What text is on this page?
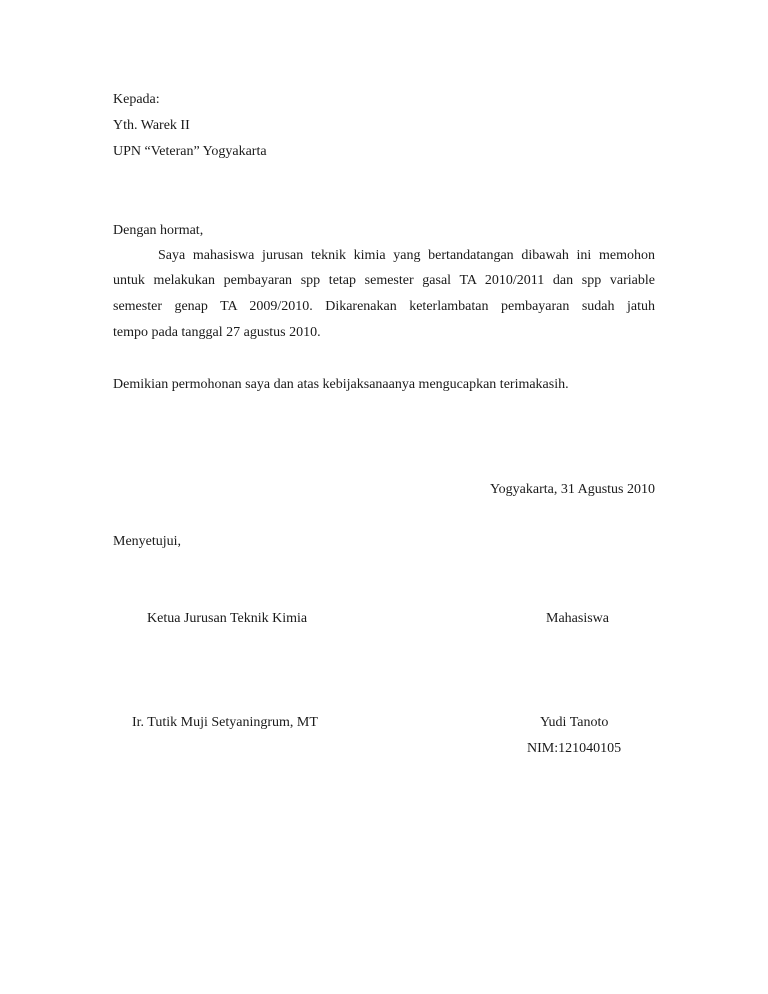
Kepada:
Yth. Warek II
UPN “Veteran” Yogyakarta
Dengan hormat,
Saya mahasiswa jurusan teknik kimia yang bertandatangan dibawah ini memohon
untuk melakukan pembayaran spp tetap semester gasal TA 2010/2011 dan spp variable
semester genap TA 2009/2010. Dikarenakan keterlambatan pembayaran sudah jatuh
tempo pada tanggal 27 agustus 2010.
Demikian permohonan saya dan atas kebijaksanaanya mengucapkan terimakasih.
Yogyakarta, 31 Agustus 2010
Menyetujui,
Ketua Jurusan Teknik Kimia	Mahasiswa
Ir. Tutik Muji Setyaningrum, MT	Yudi Tanoto
NIM:121040105
